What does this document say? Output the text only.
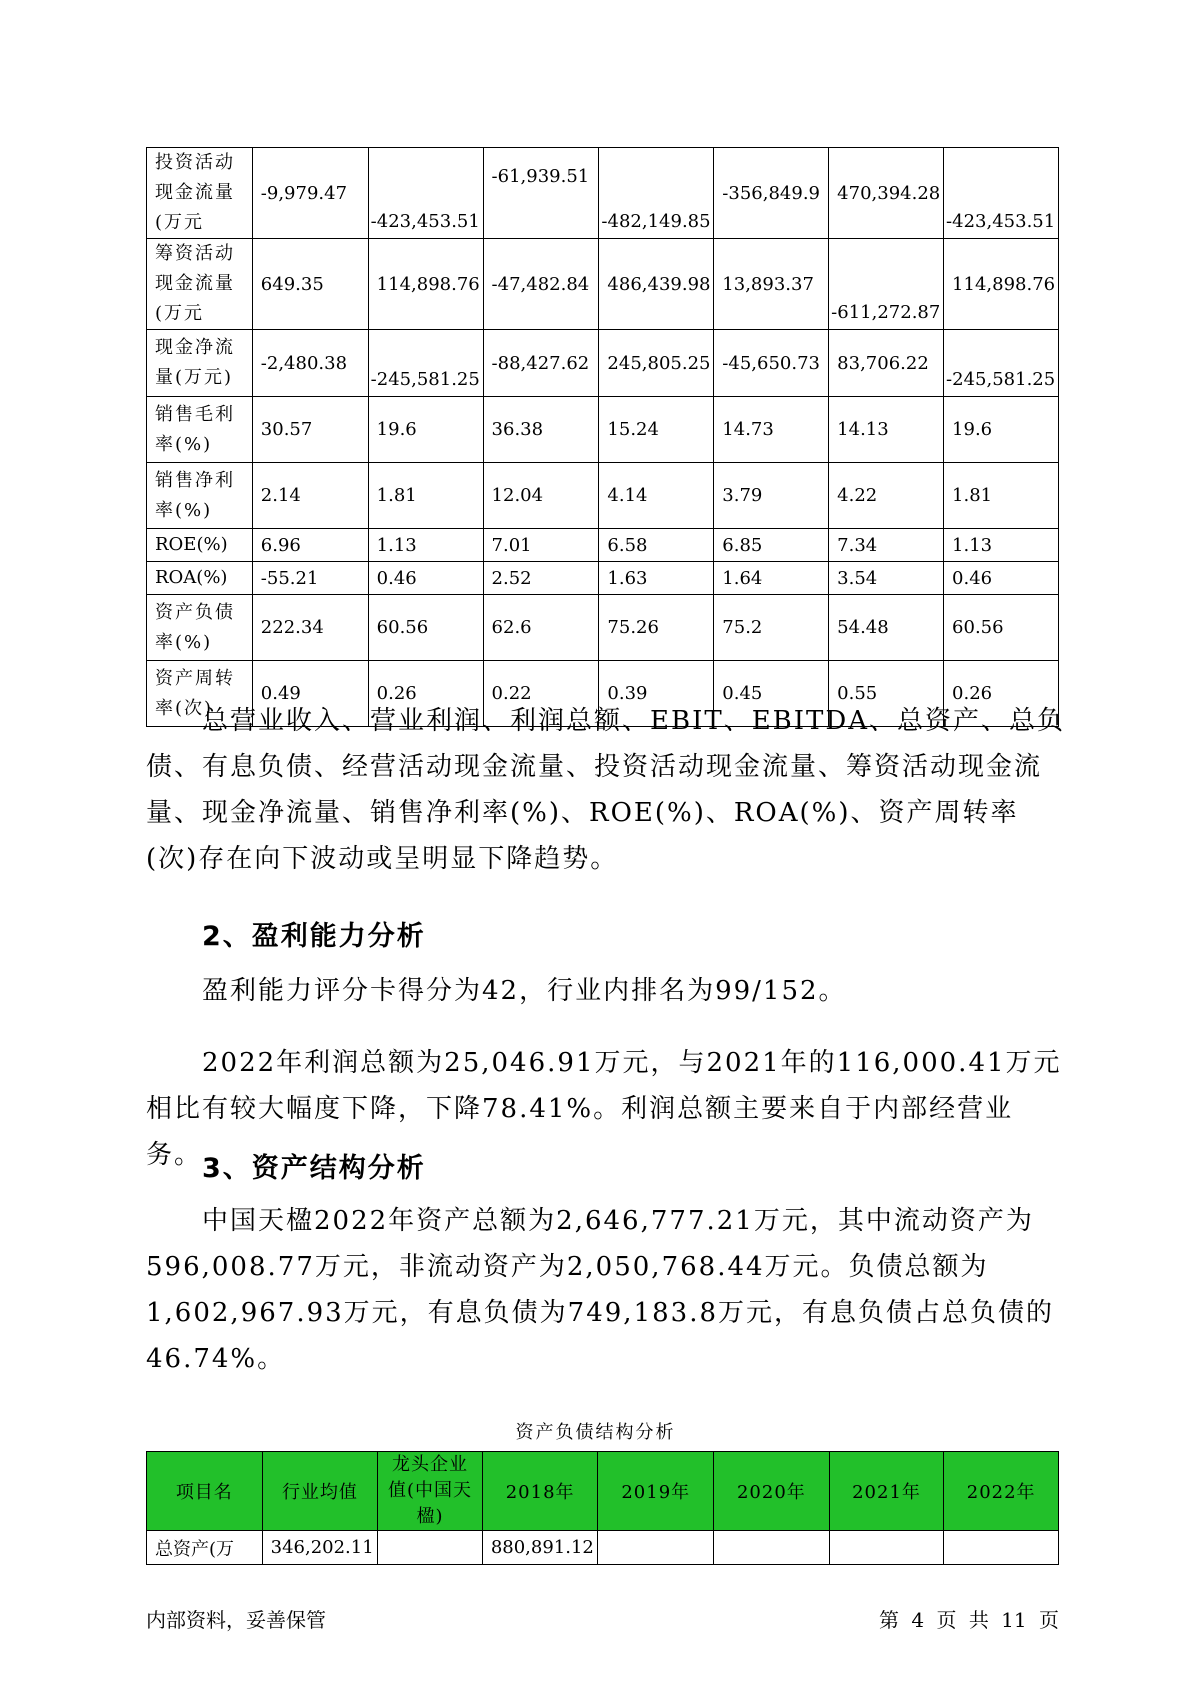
投资活动现金流量(万元	-9,979.47	-423,453.51	-61,939.51	-482,149.85	-356,849.9	470,394.28	-423,453.51
筹资活动现金流量(万元	649.35	114,898.76	-47,482.84	486,439.98	13,893.37	-611,272.87	114,898.76
现金净流量(万元)	-2,480.38	-245,581.25	-88,427.62	245,805.25	-45,650.73	83,706.22	-245,581.25
销售毛利率(%)	30.57	19.6	36.38	15.24	14.73	14.13	19.6
销售净利率(%)	2.14	1.81	12.04	4.14	3.79	4.22	1.81
ROE(%)	6.96	1.13	7.01	6.58	6.85	7.34	1.13
ROA(%)	-55.21	0.46	2.52	1.63	1.64	3.54	0.46
资产负债率(%)	222.34	60.56	62.6	75.26	75.2	54.48	60.56
资产周转率(次)	0.49	0.26	0.22	0.39	0.45	0.55	0.26

总营业收入、营业利润、利润总额、EBIT、EBITDA、总资产、总负债、有息负债、经营活动现金流量、投资活动现金流量、筹资活动现金流量、现金净流量、销售净利率(%)、ROE(%)、ROA(%)、资产周转率(次)存在向下波动或呈明显下降趋势。

2、盈利能力分析

盈利能力评分卡得分为42，行业内排名为99/152。

2022年利润总额为25,046.91万元，与2021年的116,000.41万元相比有较大幅度下降，下降78.41%。利润总额主要来自于内部经营业务。 3、资产结构分析

中国天楹2022年资产总额为2,646,777.21万元，其中流动资产为596,008.77万元，非流动资产为2,050,768.44万元。负债总额为1,602,967.93万元，有息负债为749,183.8万元，有息负债占总负债的46.74%。

资产负债结构分析
项目名	行业均值	龙头企业值(中国天楹)	2018年	2019年	2020年	2021年	2022年
总资产(万	346,202.11		880,891.12				
内部资料，妥善保管	第 4 页 共 11 页
